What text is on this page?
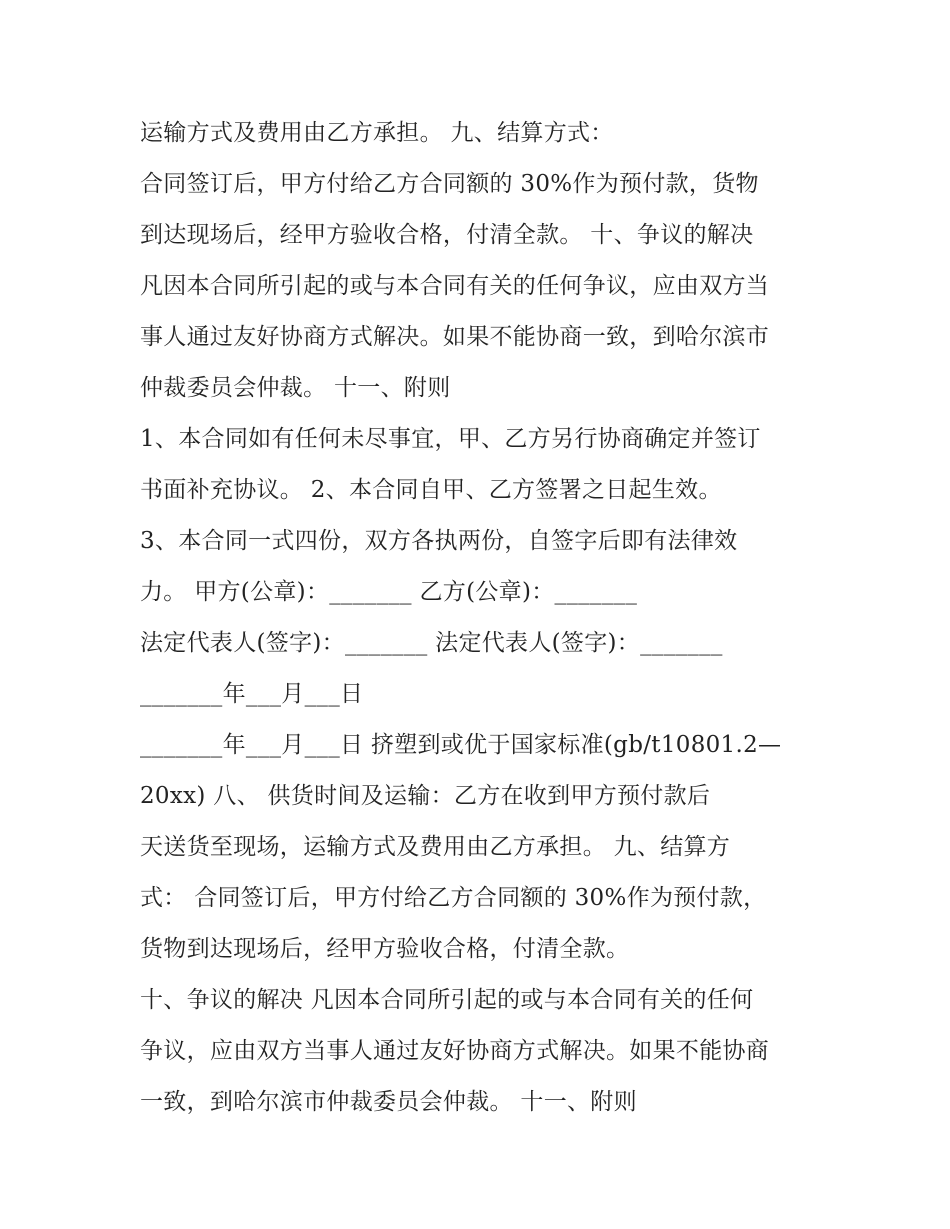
运输方式及费用由乙方承担。 九、结算方式：
合同签订后，甲方付给乙方合同额的 30%作为预付款，货物
到达现场后，经甲方验收合格，付清全款。 十、争议的解决
凡因本合同所引起的或与本合同有关的任何争议，应由双方当
事人通过友好协商方式解决。如果不能协商一致，到哈尔滨市
仲裁委员会仲裁。 十一、附则
1、本合同如有任何未尽事宜，甲、乙方另行协商确定并签订
书面补充协议。 2、本合同自甲、乙方签署之日起生效。
3、本合同一式四份，双方各执两份，自签字后即有法律效
力。 甲方(公章)：_______ 乙方(公章)：_______
法定代表人(签字)：_______ 法定代表人(签字)：_______
_______年___月___日
_______年___月___日 挤塑到或优于国家标准(gb/t10801.2—
20xx) 八、 供货时间及运输：乙方在收到甲方预付款后
天送货至现场，运输方式及费用由乙方承担。 九、结算方
式： 合同签订后，甲方付给乙方合同额的 30%作为预付款，
货物到达现场后，经甲方验收合格，付清全款。
十、争议的解决 凡因本合同所引起的或与本合同有关的任何
争议，应由双方当事人通过友好协商方式解决。如果不能协商
一致，到哈尔滨市仲裁委员会仲裁。 十一、附则
